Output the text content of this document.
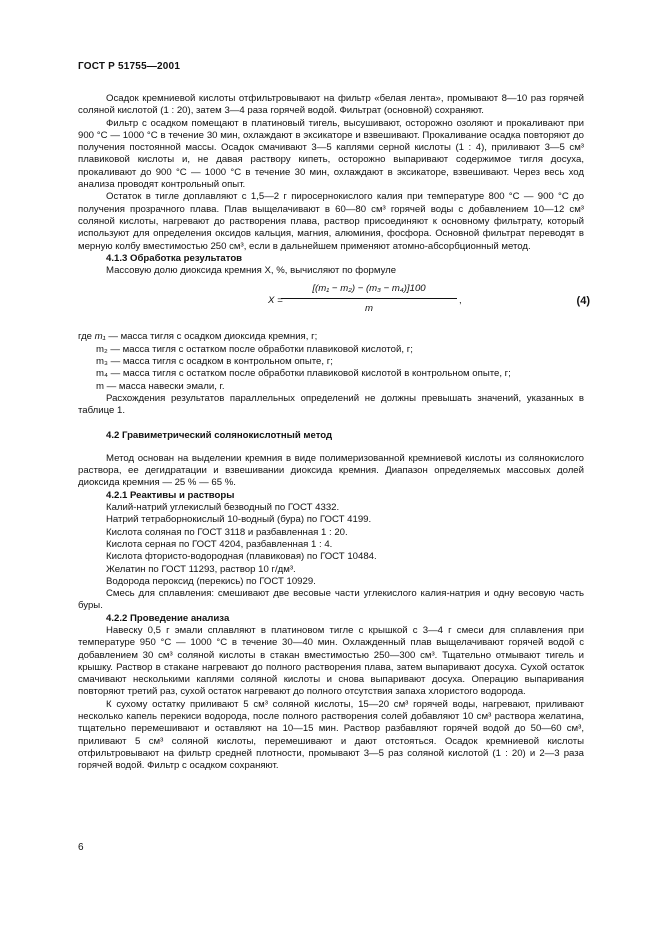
ГОСТ Р 51755—2001

Осадок кремниевой кислоты отфильтровывают на фильтр «белая лента», промывают 8—10 раз горячей соляной кислотой (1 : 20), затем 3—4 раза горячей водой. Фильтрат (основной) сохраняют.

Фильтр с осадком помещают в платиновый тигель, высушивают, осторожно озоляют и прокаливают при 900 °С — 1000 °С в течение 30 мин, охлаждают в эксикаторе и взвешивают. Прокаливание осадка повторяют до получения постоянной массы. Осадок смачивают 3—5 каплями серной кислоты (1 : 4), приливают 3—5 см³ плавиковой кислоты и, не давая раствору кипеть, осторожно выпаривают содержимое тигля досуха, прокаливают до 900 °С — 1000 °С в течение 30 мин, охлаждают в эксикаторе, взвешивают. Через весь ход анализа проводят контрольный опыт.

Остаток в тигле доплавляют с 1,5—2 г пиросернокислого калия при температуре 800 °С — 900 °С до получения прозрачного плава. Плав выщелачивают в 60—80 см³ горячей воды с добавлением 10—12 см³ соляной кислоты, нагревают до растворения плава, раствор присоединяют к основному фильтрату, который используют для определения оксидов кальция, магния, алюминия, фосфора. Основной фильтрат переводят в мерную колбу вместимостью 250 см³, если в дальнейшем применяют атомно-абсорбционный метод.

4.1.3 Обработка результатов

Массовую долю диоксида кремния X, %, вычисляют по формуле

X =
[(m₁ − m₂) − (m₃ − m₄)]100
m
,	(4)

где m₁ — масса тигля с осадком диоксида кремния, г;

m₂ — масса тигля с остатком после обработки плавиковой кислотой, г;

m₃ — масса тигля с осадком в контрольном опыте, г;

m₄ — масса тигля с остатком после обработки плавиковой кислотой в контрольном опыте, г;

m — масса навески эмали, г.

Расхождения результатов параллельных определений не должны превышать значений, указанных в таблице 1.

4.2 Гравиметрический солянокислотный метод

Метод основан на выделении кремния в виде полимеризованной кремниевой кислоты из солянокислого раствора, ее дегидратации и взвешивании диоксида кремния. Диапазон определяемых массовых долей диоксида кремния — 25 % — 65 %.

4.2.1 Реактивы и растворы

Калий-натрий углекислый безводный по ГОСТ 4332.

Натрий тетраборнокислый 10-водный (бура) по ГОСТ 4199.

Кислота соляная по ГОСТ 3118 и разбавленная 1 : 20.

Кислота серная по ГОСТ 4204, разбавленная 1 : 4.

Кислота фтористо-водородная (плавиковая) по ГОСТ 10484.

Желатин по ГОСТ 11293, раствор 10 г/дм³.

Водорода пероксид (перекись) по ГОСТ 10929.

Смесь для сплавления: смешивают две весовые части углекислого калия-натрия и одну весовую часть буры.

4.2.2 Проведение анализа

Навеску 0,5 г эмали сплавляют в платиновом тигле с крышкой с 3—4 г смеси для сплавления при температуре 950 °С — 1000 °С в течение 30—40 мин. Охлажденный плав выщелачивают горячей водой с добавлением 30 см³ соляной кислоты в стакан вместимостью 250—300 см³. Тщательно отмывают тигель и крышку. Раствор в стакане нагревают до полного растворения плава, затем выпаривают досуха. Сухой остаток смачивают несколькими каплями соляной кислоты и снова выпаривают досуха. Операцию выпаривания повторяют третий раз, сухой остаток нагревают до полного отсутствия запаха хлористого водорода.

К сухому остатку приливают 5 см³ соляной кислоты, 15—20 см³ горячей воды, нагревают, приливают несколько капель перекиси водорода, после полного растворения солей добавляют 10 см³ раствора желатина, тщательно перемешивают и оставляют на 10—15 мин. Раствор разбавляют горячей водой до 50—60 см³, приливают 5 см³ соляной кислоты, перемешивают и дают отстояться. Осадок кремниевой кислоты отфильтровывают на фильтр средней плотности, промывают 3—5 раз соляной кислотой (1 : 20) и 2—3 раза горячей водой. Фильтр с осадком сохраняют.

6
